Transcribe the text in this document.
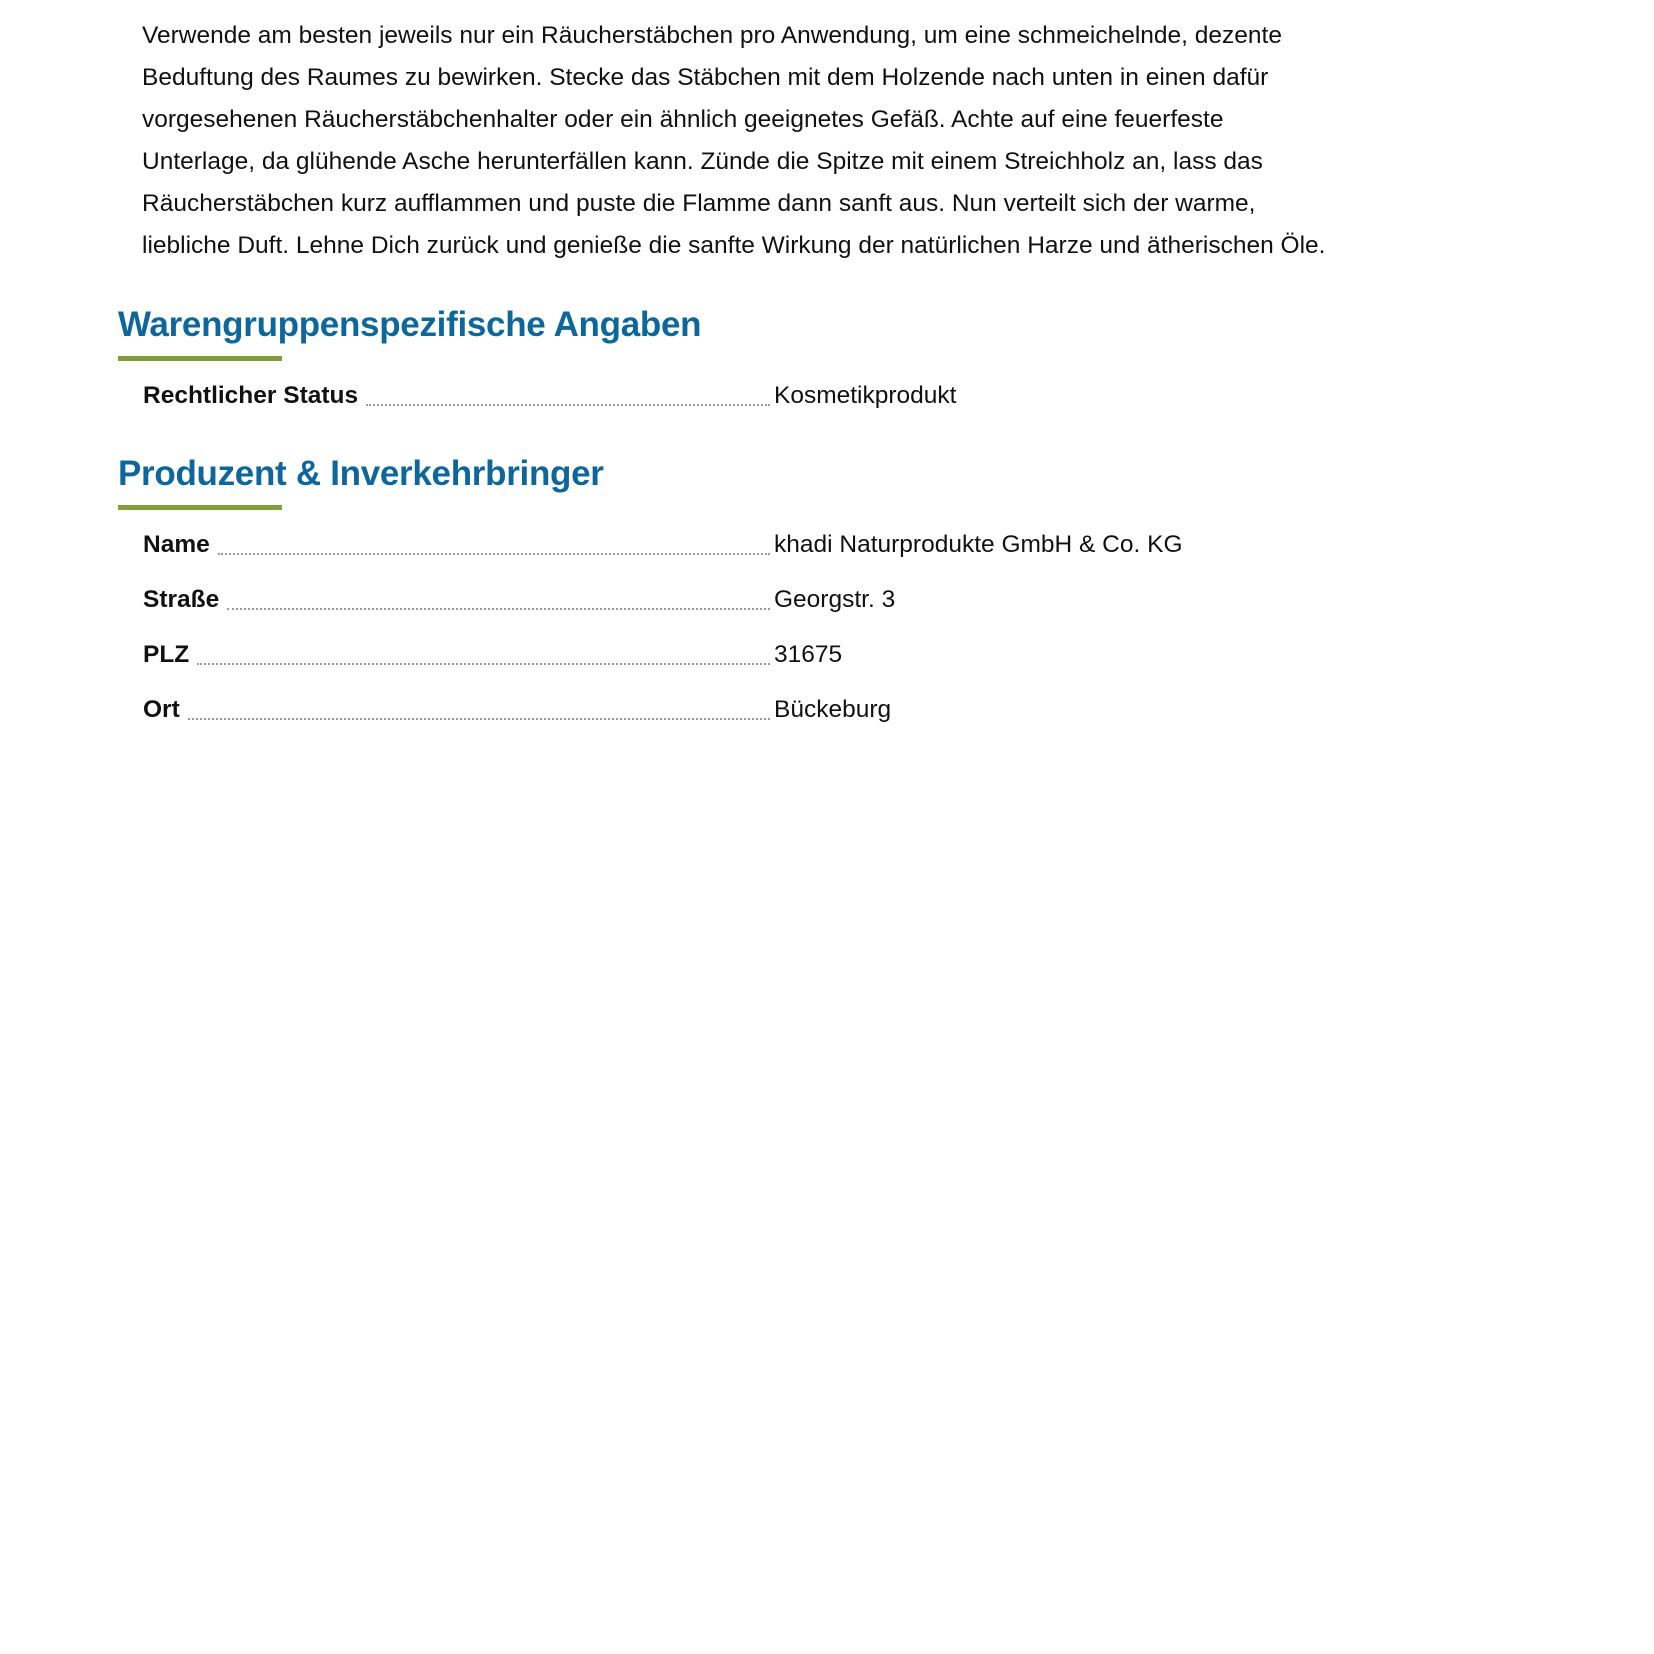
Verwende am besten jeweils nur ein Räucherstäbchen pro Anwendung, um eine schmeichelnde, dezente
Beduftung des Raumes zu bewirken. Stecke das Stäbchen mit dem Holzende nach unten in einen dafür
vorgesehenen Räucherstäbchenhalter oder ein ähnlich geeignetes Gefäß. Achte auf eine feuerfeste
Unterlage, da glühende Asche herunterfällen kann. Zünde die Spitze mit einem Streichholz an, lass das
Räucherstäbchen kurz aufflammen und puste die Flamme dann sanft aus. Nun verteilt sich der warme,
liebliche Duft. Lehne Dich zurück und genieße die sanfte Wirkung der natürlichen Harze und ätherischen Öle.

Warengruppenspezifische Angaben
Rechtlicher Status	Kosmetikprodukt
Produzent & Inverkehrbringer
Name	khadi Naturprodukte GmbH & Co. KG
Straße	Georgstr. 3
PLZ	31675
Ort	Bückeburg
